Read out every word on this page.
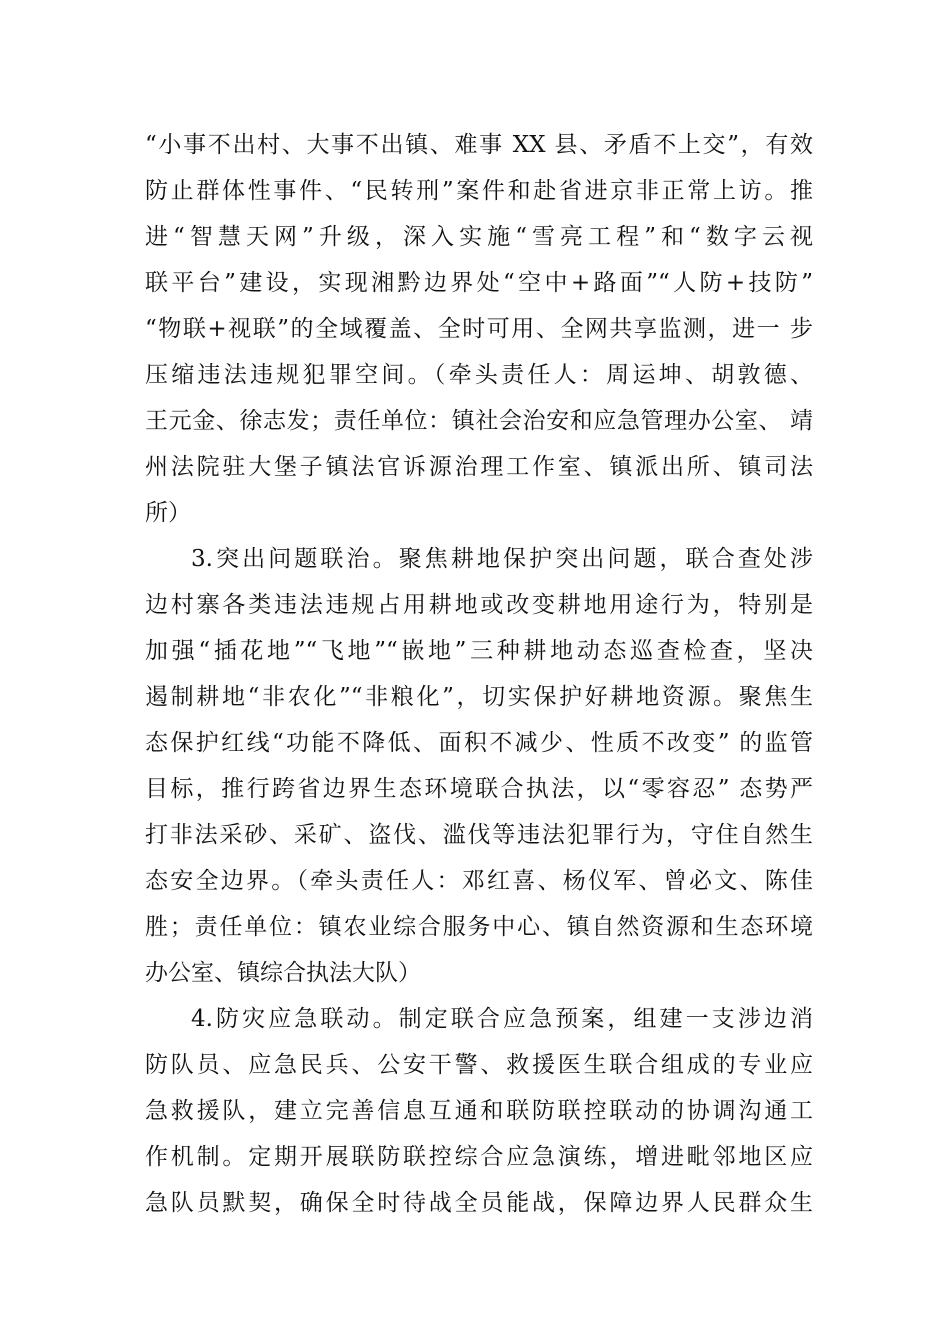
“小事不出村、大事不出镇、难事 XX 县、矛盾不上交”，有效
防止群体性事件、“民转刑”案件和赴省进京非正常上访。推
进“智慧天网”升级，深入实施“雪亮工程”和“数字云视
联平台”建设，实现湘黔边界处“空中+路面”“人防+技防”
“物联+视联”的全域覆盖、全时可用、全网共享监测，进一 步
压缩违法违规犯罪空间。（牵头责任人：周运坤、胡敦德、
王元金、徐志发；责任单位：镇社会治安和应急管理办公室、 靖
州法院驻大堡子镇法官诉源治理工作室、镇派出所、镇司法
所）
3.突出问题联治。聚焦耕地保护突出问题，联合查处涉
边村寨各类违法违规占用耕地或改变耕地用途行为，特别是
加强“插花地”“飞地”“嵌地”三种耕地动态巡查检查，坚决
遏制耕地“非农化”“非粮化”，切实保护好耕地资源。聚焦生
态保护红线“功能不降低、面积不减少、性质不改变” 的监管
目标，推行跨省边界生态环境联合执法，以“零容忍” 态势严
打非法采砂、采矿、盗伐、滥伐等违法犯罪行为，守住自然生
态安全边界。（牵头责任人：邓红喜、杨仪军、曾必文、陈佳
胜；责任单位：镇农业综合服务中心、镇自然资源和生态环境
办公室、镇综合执法大队）
4.防灾应急联动。制定联合应急预案，组建一支涉边消
防队员、应急民兵、公安干警、救援医生联合组成的专业应
急救援队，建立完善信息互通和联防联控联动的协调沟通工
作机制。定期开展联防联控综合应急演练，增进毗邻地区应
急队员默契，确保全时待战全员能战，保障边界人民群众生
